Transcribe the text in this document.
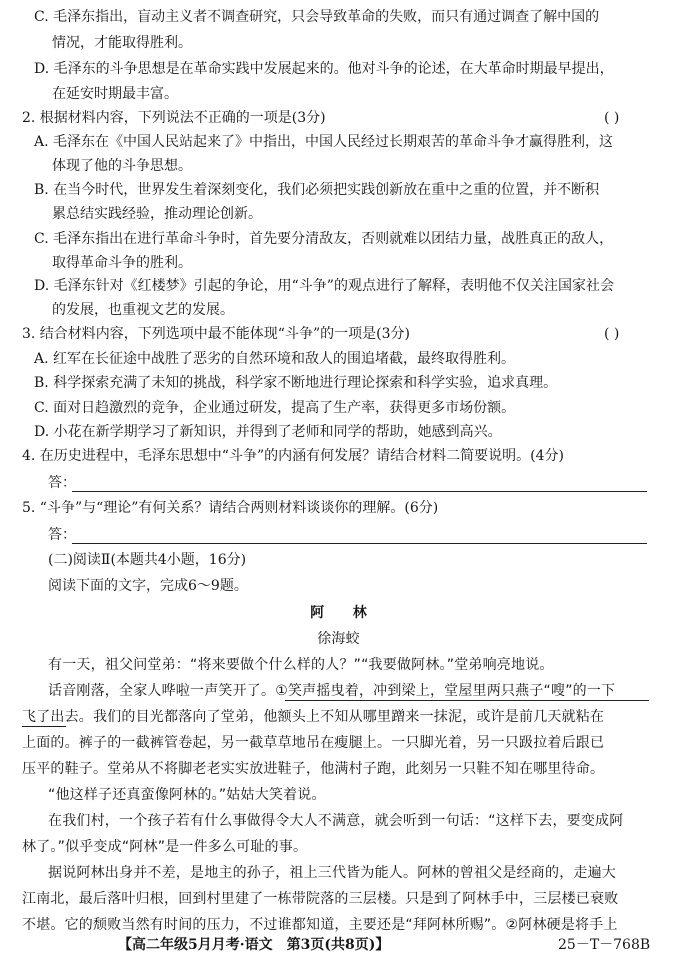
C. 毛泽东指出，盲动主义者不调查研究，只会导致革命的失败，而只有通过调查了解中国的
情况，才能取得胜利。
D. 毛泽东的斗争思想是在革命实践中发展起来的。他对斗争的论述，在大革命时期最早提出，
在延安时期最丰富。
2. 根据材料内容，下列说法不正确的一项是(3分)	( )
A. 毛泽东在《中国人民站起来了》中指出，中国人民经过长期艰苦的革命斗争才赢得胜利，这
体现了他的斗争思想。
B. 在当今时代，世界发生着深刻变化，我们必须把实践创新放在重中之重的位置，并不断积
累总结实践经验，推动理论创新。
C. 毛泽东指出在进行革命斗争时，首先要分清敌友，否则就难以团结力量，战胜真正的敌人，
取得革命斗争的胜利。
D. 毛泽东针对《红楼梦》引起的争论，用“斗争”的观点进行了解释，表明他不仅关注国家社会
的发展，也重视文艺的发展。
3. 结合材料内容，下列选项中最不能体现“斗争”的一项是(3分)	( )
A. 红军在长征途中战胜了恶劣的自然环境和敌人的围追堵截，最终取得胜利。
B. 科学探索充满了未知的挑战，科学家不断地进行理论探索和科学实验，追求真理。
C. 面对日趋激烈的竞争，企业通过研发，提高了生产率，获得更多市场份额。
D. 小花在新学期学习了新知识，并得到了老师和同学的帮助，她感到高兴。
4. 在历史进程中，毛泽东思想中“斗争”的内涵有何发展？请结合材料二简要说明。(4分)
答：
5. “斗争”与“理论”有何关系？请结合两则材料谈谈你的理解。(6分)
答：
(二)阅读Ⅱ(本题共4小题，16分)
阅读下面的文字，完成6～9题。
阿　　林
徐海蛟
有一天，祖父问堂弟：“将来要做个什么样的人？”“我要做阿林。”堂弟响亮地说。
话音刚落，全家人哗啦一声笑开了。①笑声摇曳着，冲到梁上，堂屋里两只燕子“嗖”的一下
飞了出去。我们的目光都落向了堂弟，他额头上不知从哪里蹭来一抹泥，或许是前几天就粘在
上面的。裤子的一截裤管卷起，另一截草草地吊在瘦腿上。一只脚光着，另一只趿拉着后跟已
压平的鞋子。堂弟从不将脚老老实实放进鞋子，他满村子跑，此刻另一只鞋不知在哪里待命。
“他这样子还真蛮像阿林的。”姑姑大笑着说。
在我们村，一个孩子若有什么事做得令大人不满意，就会听到一句话：“这样下去，要变成阿
林了。”似乎变成“阿林”是一件多么可耻的事。
据说阿林出身并不差，是地主的孙子，祖上三代皆为能人。阿林的曾祖父是经商的，走遍大
江南北，最后落叶归根，回到村里建了一栋带院落的三层楼。只是到了阿林手中，三层楼已衰败
不堪。它的颓败当然有时间的压力，不过谁都知道，主要还是“拜阿林所赐”。②阿林硬是将手上
【高二年级5月月考·语文　第3页(共8页)】	25－T－768B
